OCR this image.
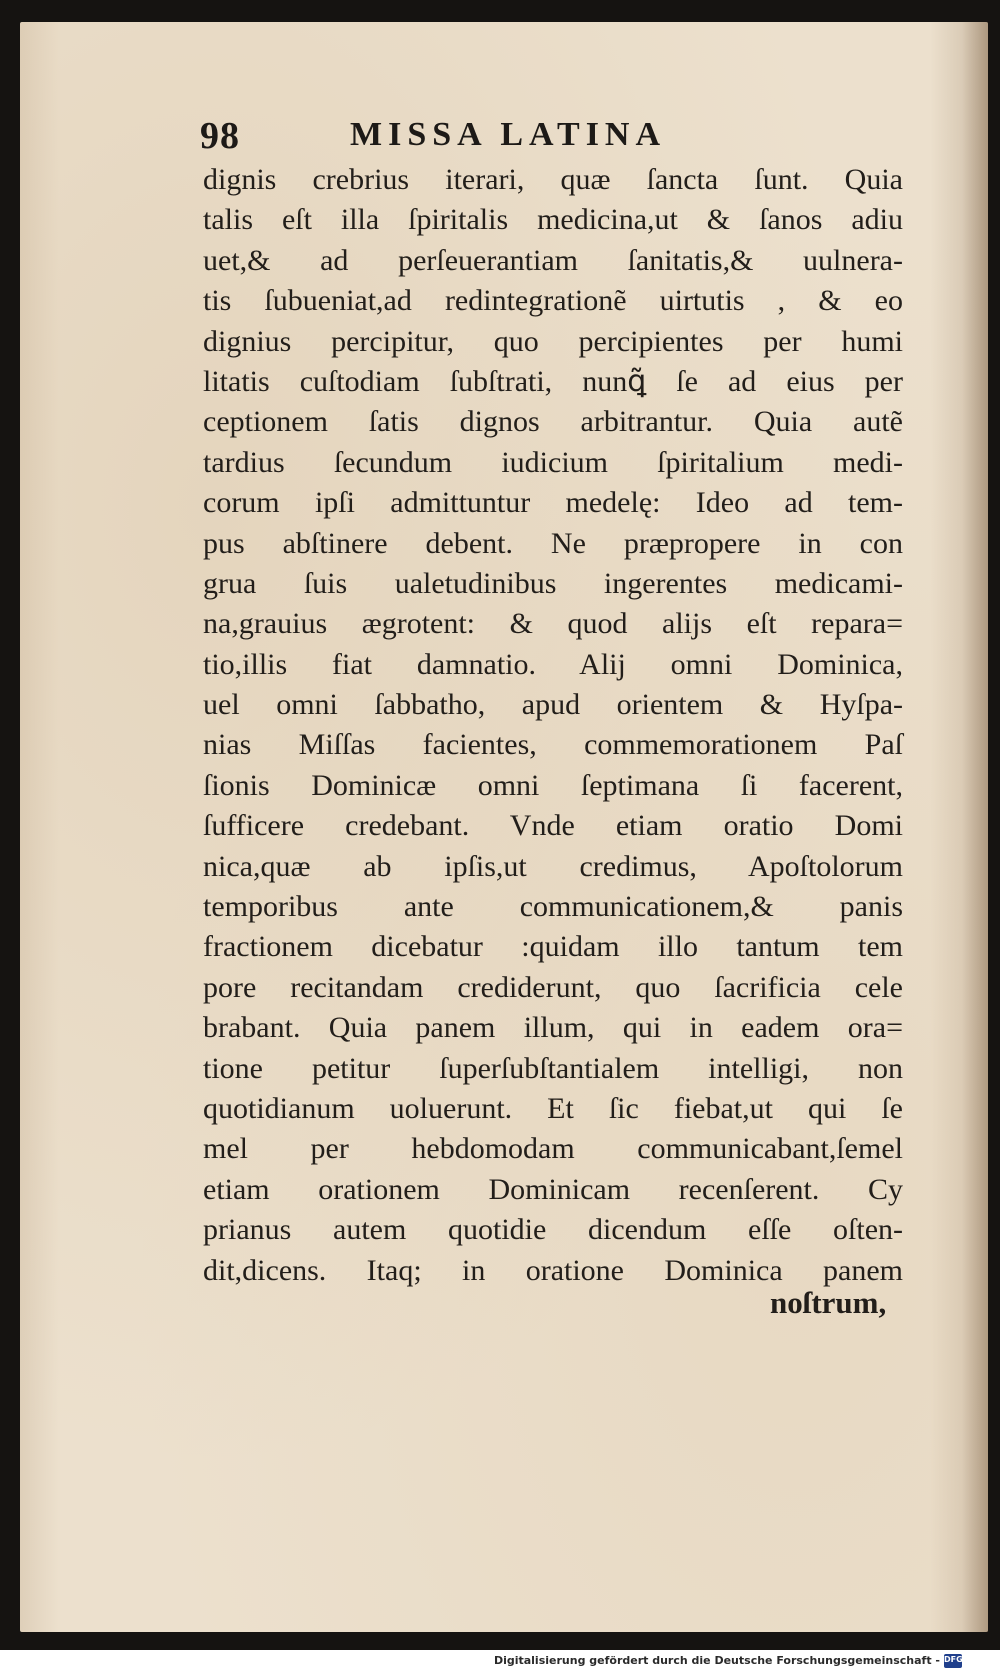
98	MISSA LATINA
dignis crebrius iterari, quæ ſancta ſunt. Quia
talis eſt illa ſpiritalis medicina,ut & ſanos adiu
uet,& ad perſeuerantiam ſanitatis,& uulnera-
tis ſubueniat,ad redintegrationẽ uirtutis , & eo
dignius percipitur, quo percipientes per humi
litatis cuſtodiam ſubſtrati, nunꝗ̃ ſe ad eius per
ceptionem ſatis dignos arbitrantur. Quia autẽ
tardius ſecundum iudicium ſpiritalium medi-
corum ipſi admittuntur medelę: Ideo ad tem-
pus abſtinere debent. Ne præpropere in con
grua ſuis ualetudinibus ingerentes medicami-
na,grauius ægrotent: & quod alijs eſt repara=
tio,illis fiat damnatio. Alij omni Dominica,
uel omni ſabbatho, apud orientem & Hyſpa-
nias Miſſas facientes, commemorationem Paſ
ſionis Dominicæ omni ſeptimana ſi facerent,
ſufficere credebant. Vnde etiam oratio Domi
nica,quæ ab ipſis,ut credimus, Apoſtolorum
temporibus ante communicationem,& panis
fractionem dicebatur :quidam illo tantum tem
pore recitandam crediderunt, quo ſacrificia cele
brabant. Quia panem illum, qui in eadem ora=
tione petitur ſuperſubſtantialem intelligi, non
quotidianum uoluerunt. Et ſic fiebat,ut qui ſe
mel per hebdomodam communicabant,ſemel
etiam orationem Dominicam recenſerent. Cy
prianus autem quotidie dicendum eſſe oſten-
dit,dicens. Itaq; in oratione Dominica panem
noſtrum,
Digitalisierung gefördert durch die Deutsche Forschungsgemeinschaft - DFG
